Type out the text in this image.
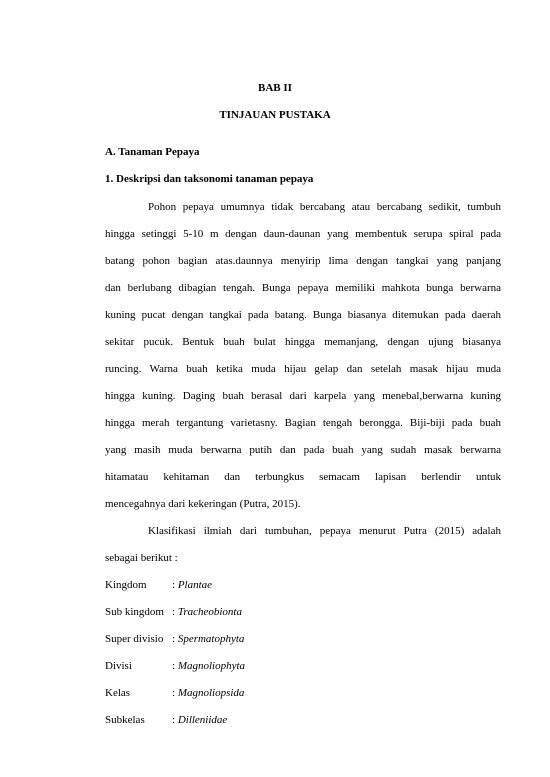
BAB II
TINJAUAN PUSTAKA
A. Tanaman Pepaya
1. Deskripsi dan taksonomi tanaman pepaya
Pohon pepaya umumnya tidak bercabang atau bercabang sedikit, tumbuh
hingga setinggi 5-10 m dengan daun-daunan yang membentuk serupa spiral pada
batang pohon bagian atas.daunnya menyirip lima dengan tangkai yang panjang
dan berlubang dibagian tengah. Bunga pepaya memiliki mahkota bunga berwarna
kuning pucat dengan tangkai pada batang. Bunga biasanya ditemukan pada daerah
sekitar pucuk. Bentuk buah bulat hingga memanjang, dengan ujung biasanya
runcing. Warna buah ketika muda hijau gelap dan setelah masak hijau muda
hingga kuning. Daging buah berasal dari karpela yang menebal,berwarna kuning
hingga merah tergantung varietasny. Bagian tengah berongga. Biji-biji pada buah
yang masih muda berwarna putih dan pada buah yang sudah masak berwarna
hitamatau kehitaman dan terbungkus semacam lapisan berlendir untuk
mencegahnya dari kekeringan (Putra, 2015).
Klasifikasi ilmiah dari tumbuhan, pepaya menurut Putra (2015) adalah
sebagai berikut :
Kingdom : Plantae
Sub kingdom : Tracheobionta
Super divisio : Spermatophyta
Divisi	: Magnoliophyta
Kelas	: Magnoliopsida
Subkelas : Dilleniidae
